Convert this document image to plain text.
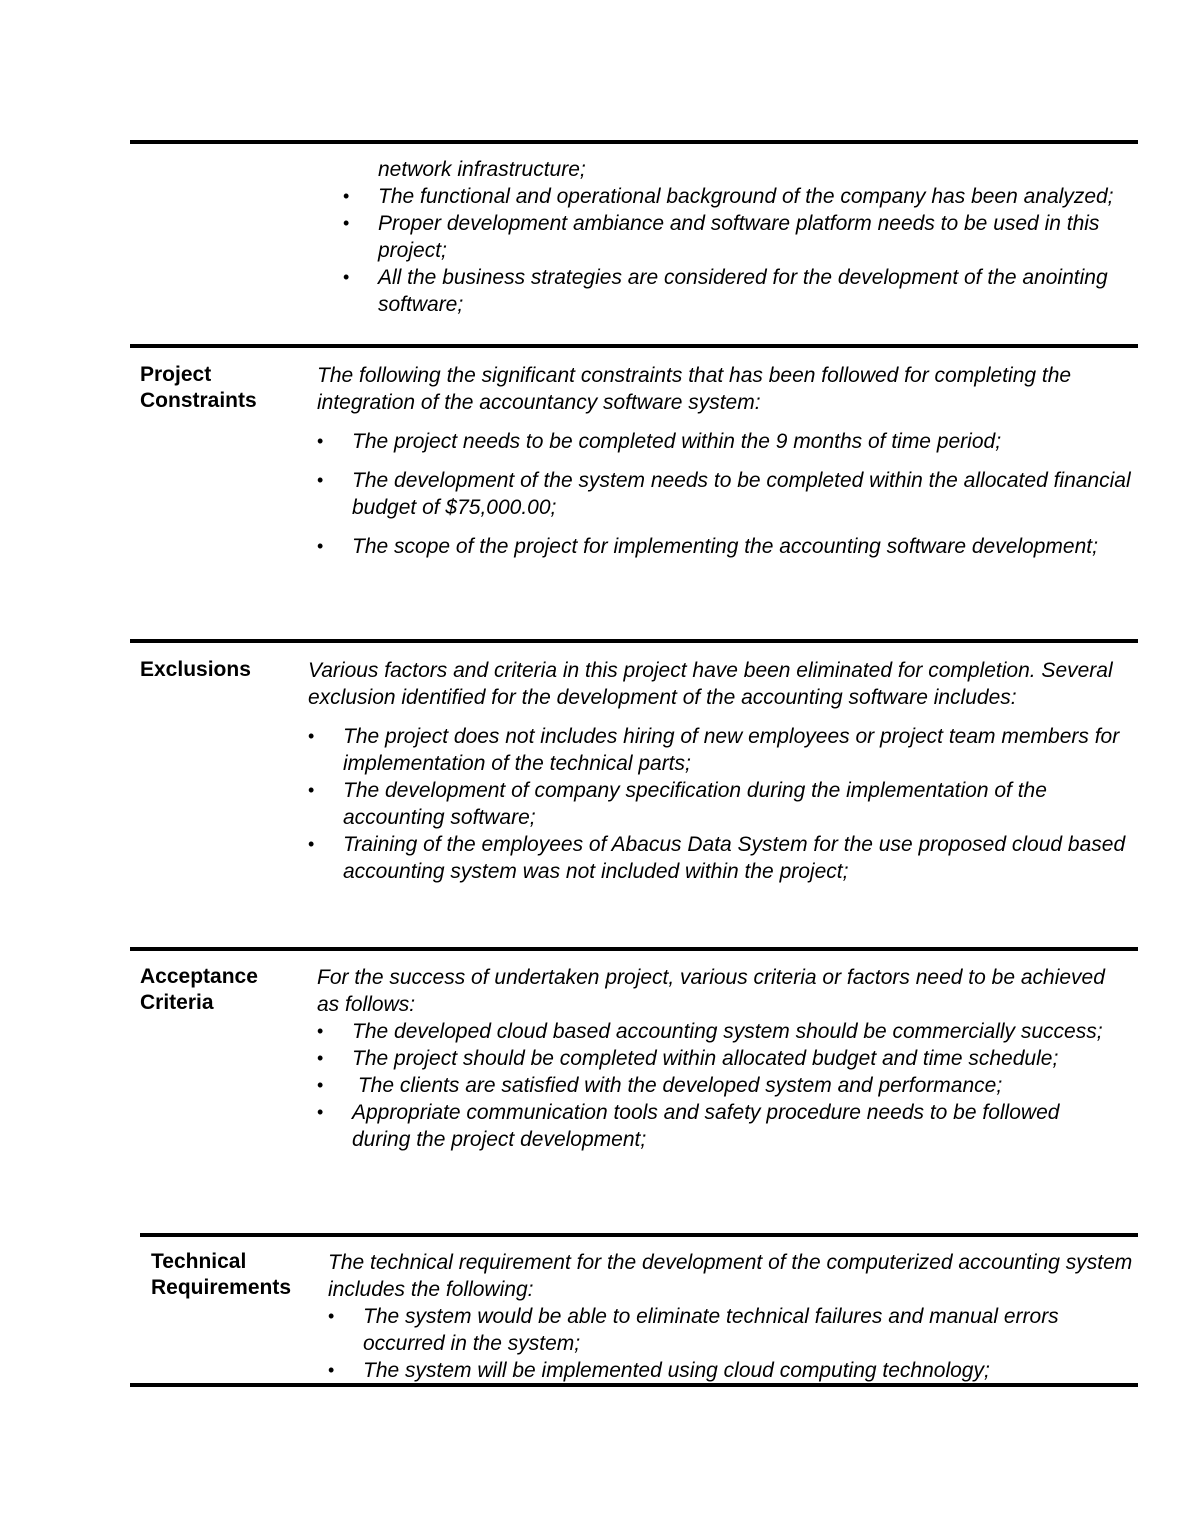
network infrastructure;
• The functional and operational background of the company has been analyzed;
• Proper development ambiance and software platform needs to be used in this project;
• All the business strategies are considered for the development of the anointing software;
Project
Constraints

The following the significant constraints that has been followed for completing the integration of the accountancy software system:

• The project needs to be completed within the 9 months of time period;
• The development of the system needs to be completed within the allocated financial budget of $75,000.00;
• The scope of the project for implementing the accounting software development;
Exclusions	Various factors and criteria in this project have been eliminated for completion. Several exclusion identified for the development of the accounting software includes:

• The project does not includes hiring of new employees or project team members for implementation of the technical parts;
• The development of company specification during the implementation of the accounting software;
• Training of the employees of Abacus Data System for the use proposed cloud based accounting system was not included within the project;
Acceptance
Criteria

For the success of undertaken project, various criteria or factors need to be achieved as follows:

• The developed cloud based accounting system should be commercially success;
• The project should be completed within allocated budget and time schedule;
• The clients are satisfied with the developed system and performance;
• Appropriate communication tools and safety procedure needs to be followed during the project development;
Technical
Requirements

The technical requirement for the development of the computerized accounting system includes the following:

• The system would be able to eliminate technical failures and manual errors occurred in the system;
• The system will be implemented using cloud computing technology;
